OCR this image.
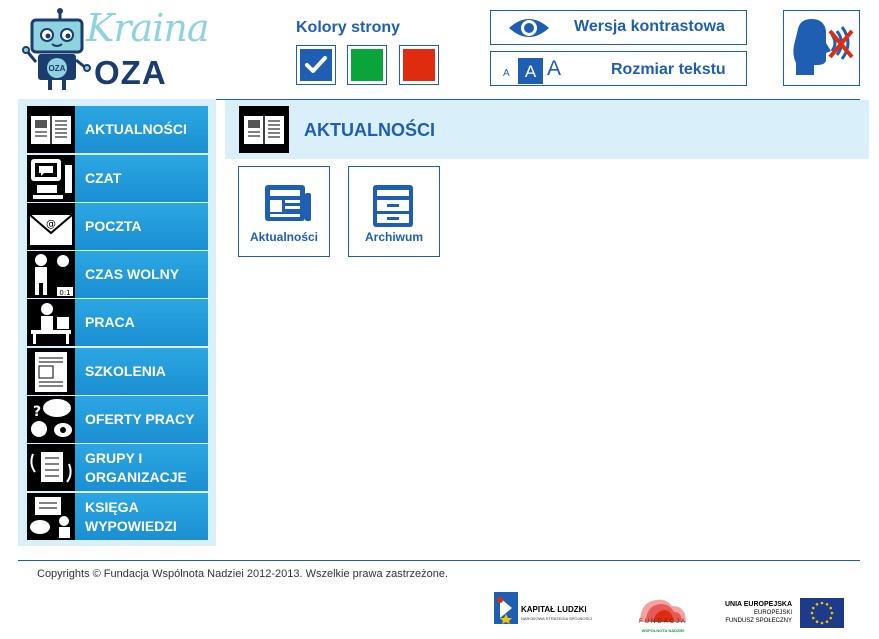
OZA
Kraina
OZA
Kolory strony	Wersja kontrastowa
A A A	Rozmiar tekstu
AKTUALNOŚCI
CZAT
@ POCZTA
0:1
CZAS WOLNY
PRACA
SZKOLENIA
?	OFERTY PRACY
GRUPY I ORGANIZACJE
KSIĘGA WYPOWIEDZI
AKTUALNOŚCI
Aktualności	Archiwum
Copyrights © Fundacja Wspólnota Nadziei 2012-2013. Wszelkie prawa zastrzeżone.
KAPITAŁ LUDZKI
NARODOWA STRATEGIA SPÓJNOŚCI
FUNDACJA
WSPÓLNOTA NADZIEI
UNIA EUROPEJSKA
EUROPEJSKI
FUNDUSZ SPOŁECZNY
